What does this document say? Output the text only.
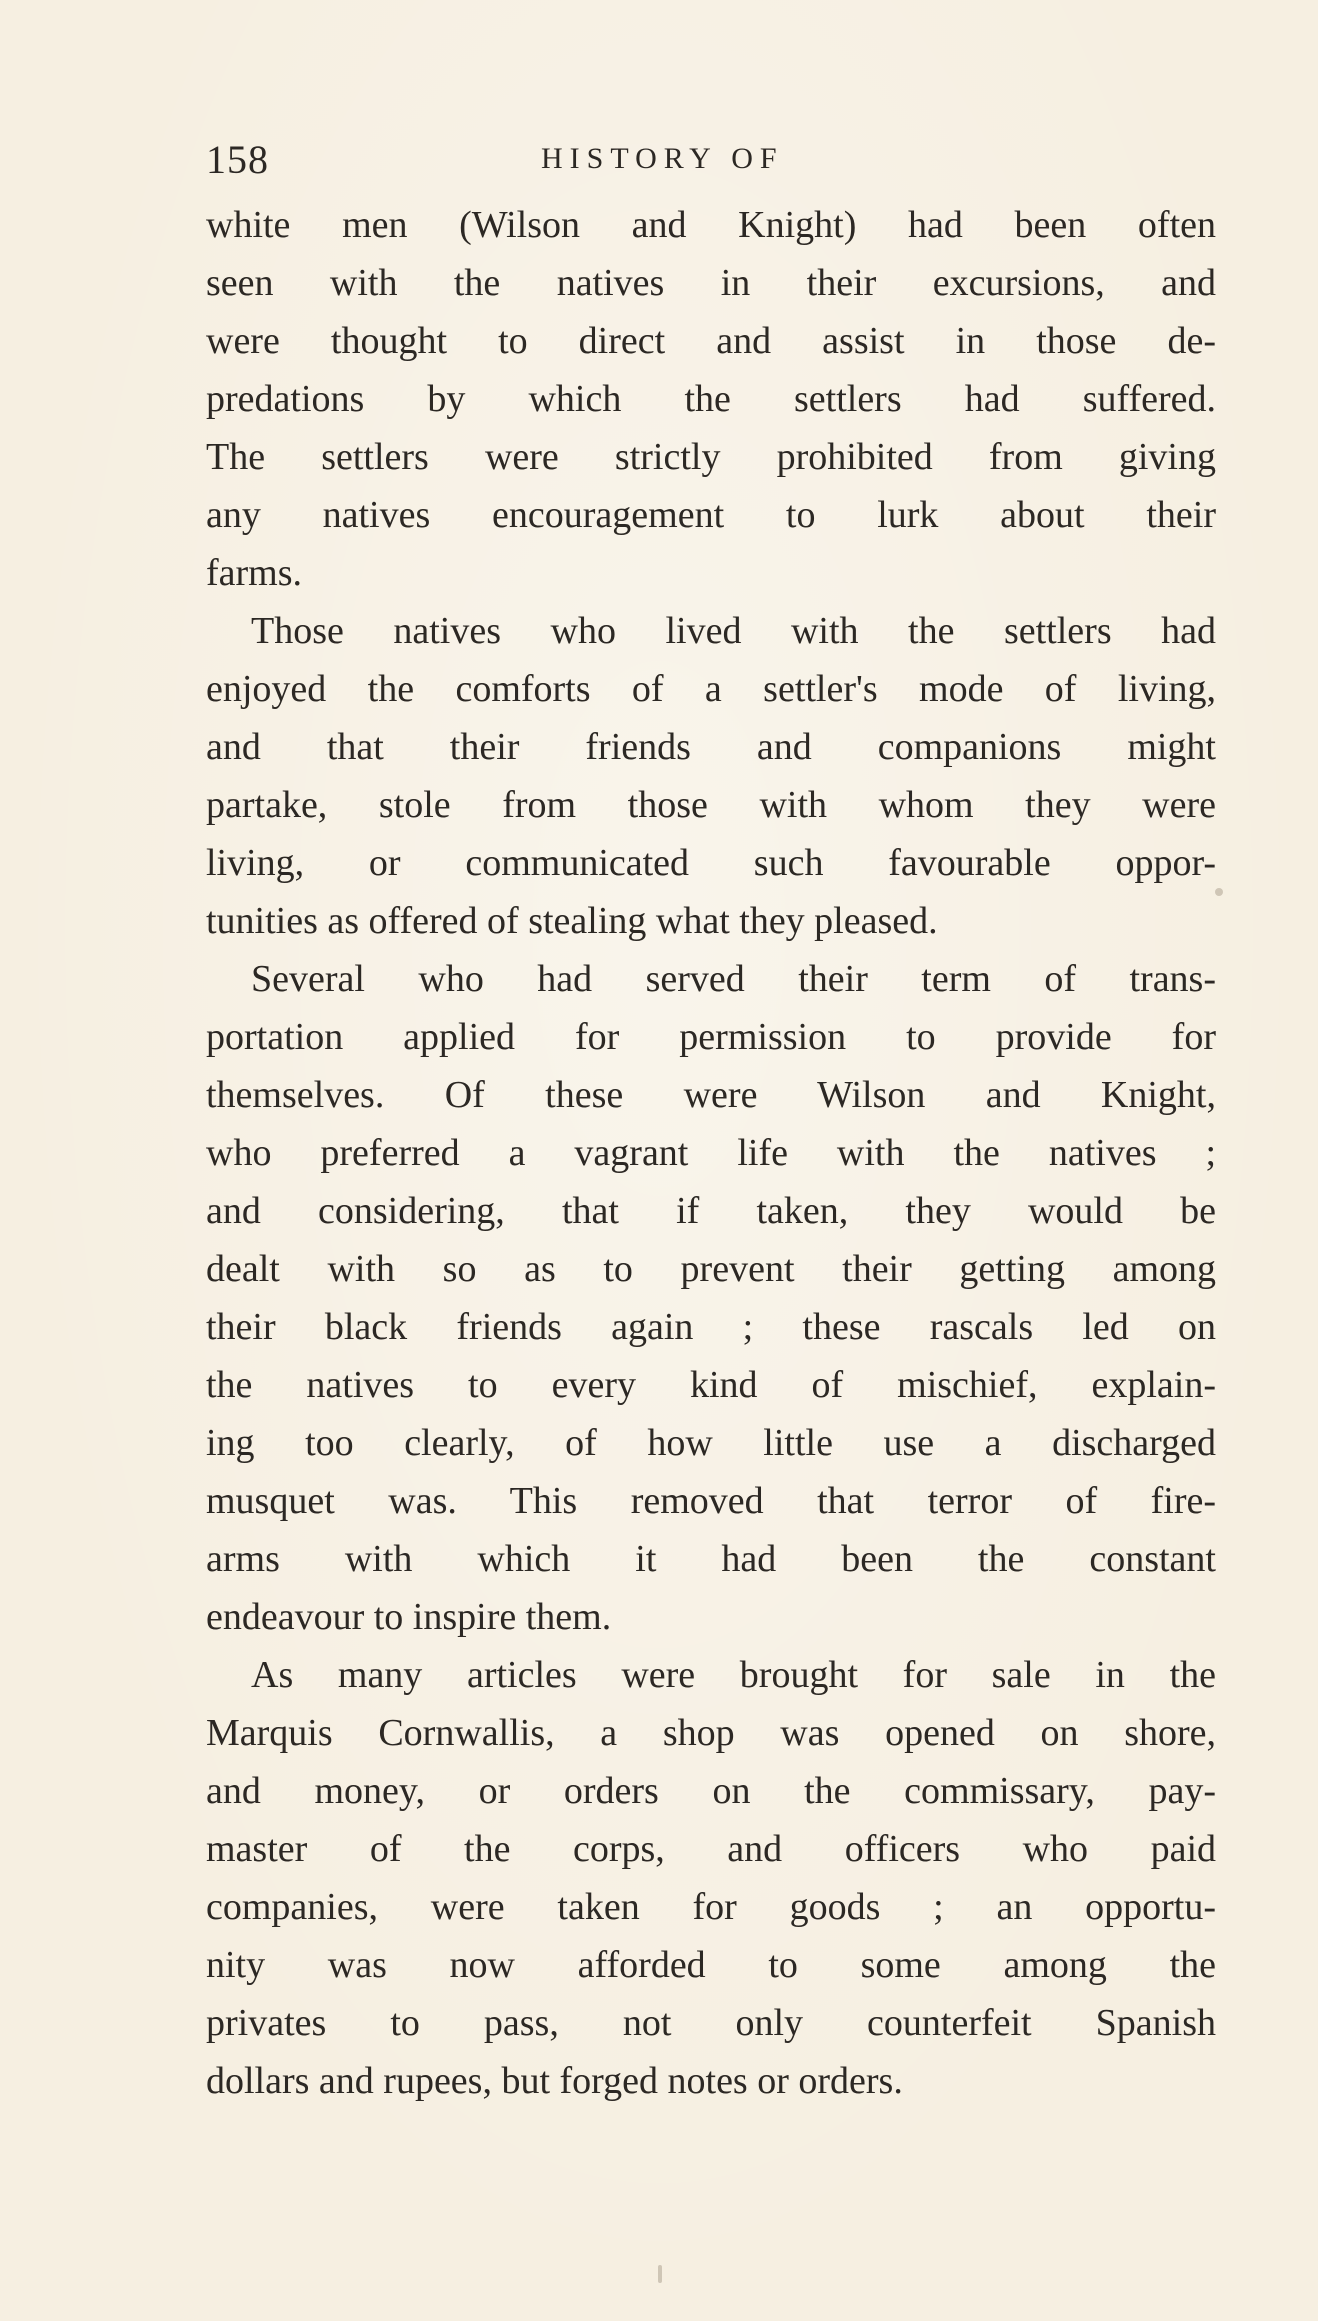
158	HISTORY OF
white men (Wilson and Knight) had been often
seen with the natives in their excursions, and
were thought to direct and assist in those de-
predations by which the settlers had suffered.
The settlers were strictly prohibited from giving
any natives encouragement to lurk about their
farms.
Those natives who lived with the settlers had
enjoyed the comforts of a settler's mode of living,
and that their friends and companions might
partake, stole from those with whom they were
living, or communicated such favourable oppor-
tunities as offered of stealing what they pleased.
Several who had served their term of trans-
portation applied for permission to provide for
themselves. Of these were Wilson and Knight,
who preferred a vagrant life with the natives ;
and considering, that if taken, they would be
dealt with so as to prevent their getting among
their black friends again ; these rascals led on
the natives to every kind of mischief, explain-
ing too clearly, of how little use a discharged
musquet was. This removed that terror of fire-
arms with which it had been the constant
endeavour to inspire them.
As many articles were brought for sale in the
Marquis Cornwallis, a shop was opened on shore,
and money, or orders on the commissary, pay-
master of the corps, and officers who paid
companies, were taken for goods ; an opportu-
nity was now afforded to some among the
privates to pass, not only counterfeit Spanish
dollars and rupees, but forged notes or orders.
